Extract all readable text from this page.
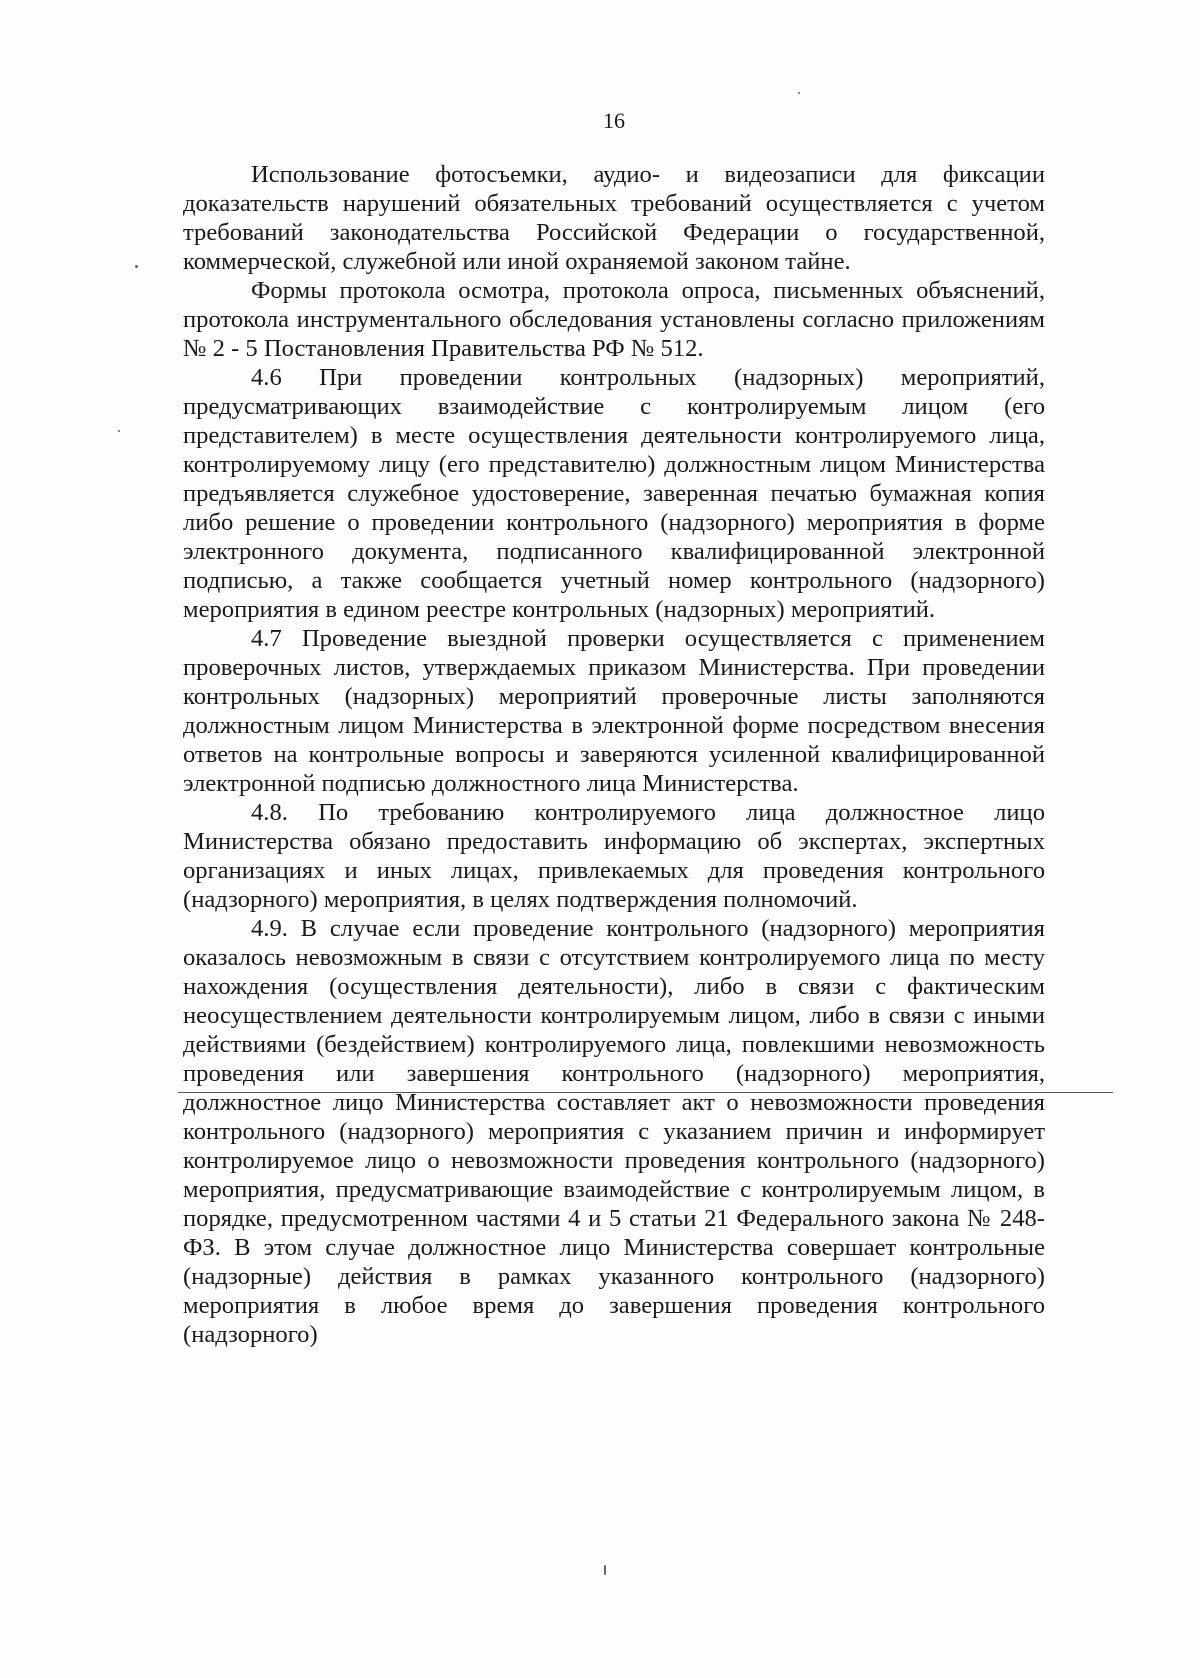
16

Использование фотосъемки, аудио- и видеозаписи для фиксации доказательств нарушений обязательных требований осуществляется с учетом требований законодательства Российской Федерации о государственной, коммерческой, служебной или иной охраняемой законом тайне.

Формы протокола осмотра, протокола опроса, письменных объяснений, протокола инструментального обследования установлены согласно приложениям № 2 - 5 Постановления Правительства РФ № 512.

4.6 При проведении контрольных (надзорных) мероприятий, предусматривающих взаимодействие с контролируемым лицом (его представителем) в месте осуществления деятельности контролируемого лица, контролируемому лицу (его представителю) должностным лицом Министерства предъявляется служебное удостоверение, заверенная печатью бумажная копия либо решение о проведении контрольного (надзорного) мероприятия в форме электронного документа, подписанного квалифицированной электронной подписью, а также сообщается учетный номер контрольного (надзорного) мероприятия в едином реестре контрольных (надзорных) мероприятий.

4.7 Проведение выездной проверки осуществляется с применением проверочных листов, утверждаемых приказом Министерства. При проведении контрольных (надзорных) мероприятий проверочные листы заполняются должностным лицом Министерства в электронной форме посредством внесения ответов на контрольные вопросы и заверяются усиленной квалифицированной электронной подписью должностного лица Министерства.

4.8. По требованию контролируемого лица должностное лицо Министерства обязано предоставить информацию об экспертах, экспертных организациях и иных лицах, привлекаемых для проведения контрольного (надзорного) мероприятия, в целях подтверждения полномочий.

4.9. В случае если проведение контрольного (надзорного) мероприятия оказалось невозможным в связи с отсутствием контролируемого лица по месту нахождения (осуществления деятельности), либо в связи с фактическим неосуществлением деятельности контролируемым лицом, либо в связи с иными действиями (бездействием) контролируемого лица, повлекшими невозможность проведения или завершения контрольного (надзорного) мероприятия, должностное лицо Министерства составляет акт о невозможности проведения контрольного (надзорного) мероприятия с указанием причин и информирует контролируемое лицо о невозможности проведения контрольного (надзорного) мероприятия, предусматривающие взаимодействие с контролируемым лицом, в порядке, предусмотренном частями 4 и 5 статьи 21 Федерального закона № 248-ФЗ. В этом случае должностное лицо Министерства совершает контрольные (надзорные) действия в рамках указанного контрольного (надзорного) мероприятия в любое время до завершения проведения контрольного (надзорного)
